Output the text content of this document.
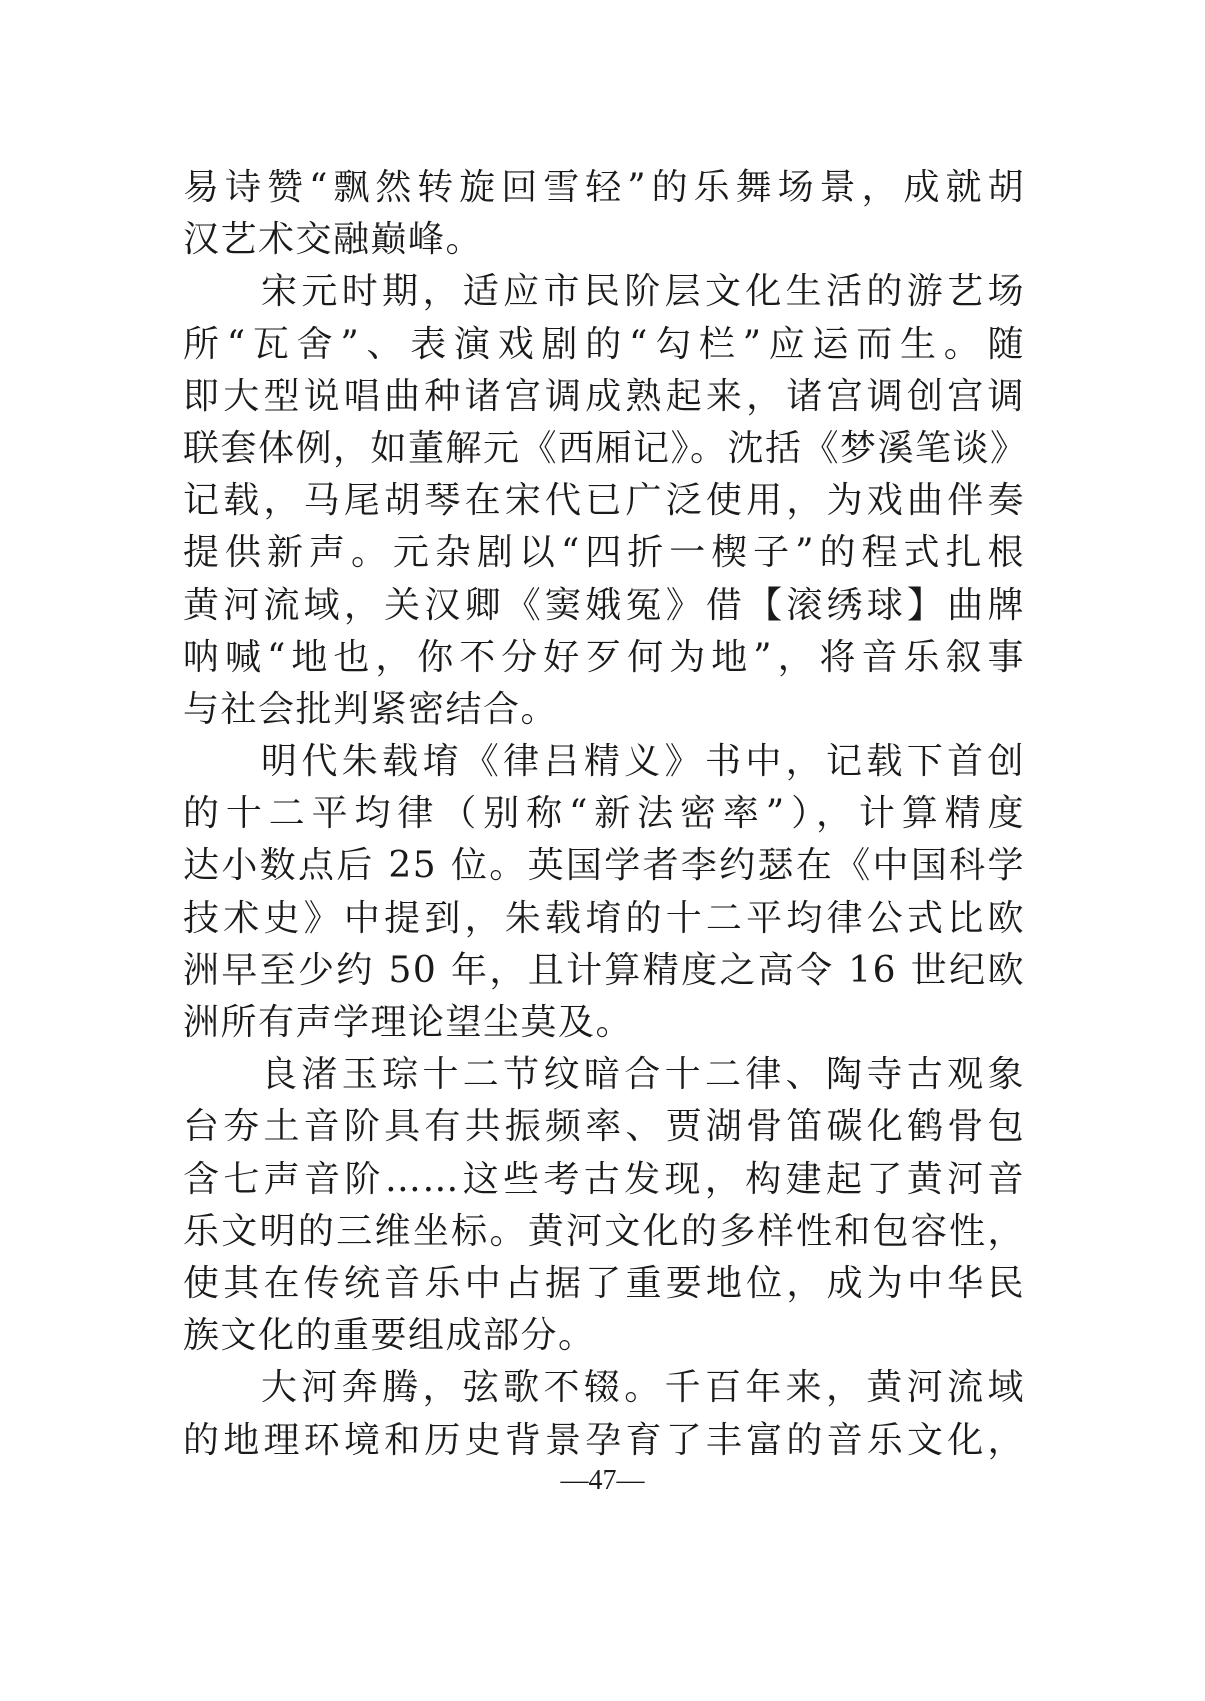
易诗赞“飘然转旋回雪轻”的乐舞场景，成就胡
汉艺术交融巅峰。
宋元时期，适应市民阶层文化生活的游艺场
所“瓦舍”、表演戏剧的“勾栏”应运而生。随
即大型说唱曲种诸宫调成熟起来，诸宫调创宫调
联套体例，如董解元《西厢记》。沈括《梦溪笔谈》
记载，马尾胡琴在宋代已广泛使用，为戏曲伴奏
提供新声。元杂剧以“四折一楔子”的程式扎根
黄河流域，关汉卿《窦娥冤》借【滚绣球】曲牌
呐喊“地也，你不分好歹何为地”，将音乐叙事
与社会批判紧密结合。
明代朱载堉《律吕精义》书中，记载下首创
的十二平均律（别称“新法密率”），计算精度
达小数点后 25 位。英国学者李约瑟在《中国科学
技术史》中提到，朱载堉的十二平均律公式比欧
洲早至少约 50 年，且计算精度之高令 16 世纪欧
洲所有声学理论望尘莫及。
良渚玉琮十二节纹暗合十二律、陶寺古观象
台夯土音阶具有共振频率、贾湖骨笛碳化鹤骨包
含七声音阶……这些考古发现，构建起了黄河音
乐文明的三维坐标。黄河文化的多样性和包容性，
使其在传统音乐中占据了重要地位，成为中华民
族文化的重要组成部分。
大河奔腾，弦歌不辍。千百年来，黄河流域
的地理环境和历史背景孕育了丰富的音乐文化，
—47—
